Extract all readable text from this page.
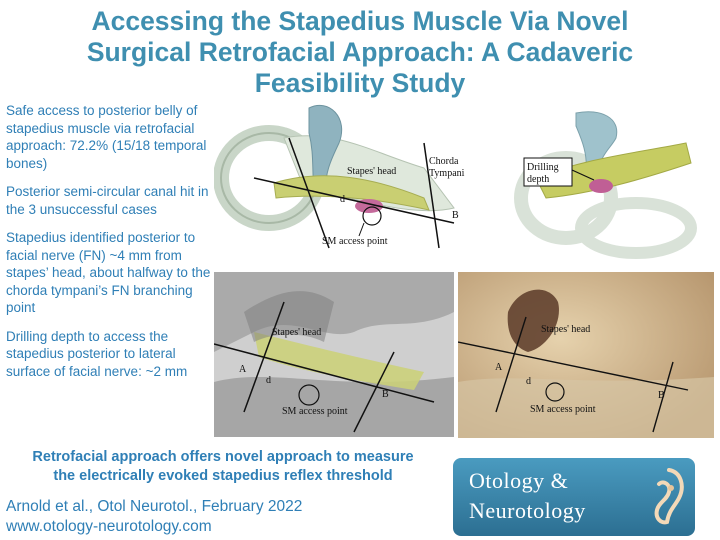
Accessing the Stapedius Muscle Via Novel
Surgical Retrofacial Approach: A Cadaveric
Feasibility Study
Safe access to posterior belly of stapedius muscle via retrofacial approach: 72.2% (15/18 temporal bones)
Posterior semi-circular canal hit in the 3 unsuccessful cases
Stapedius identified posterior to facial nerve (FN) ~4 mm from stapes’ head, about halfway to the chorda tympani’s FN branching point
Drilling depth to access the stapedius posterior to lateral surface of facial nerve: ~2 mm
Stapes' head
Chorda
Tympani
B
d
SM access point
Drilling
depth
Stapes' head
A
d
B
SM access point
Stapes' head
A
d
B
SM access point
Retrofacial approach offers novel approach to measure
the electrically evoked stapedius reflex threshold
Arnold et al., Otol Neurotol., February 2022
www.otology-neurotology.com
Otology &
Neurotology
